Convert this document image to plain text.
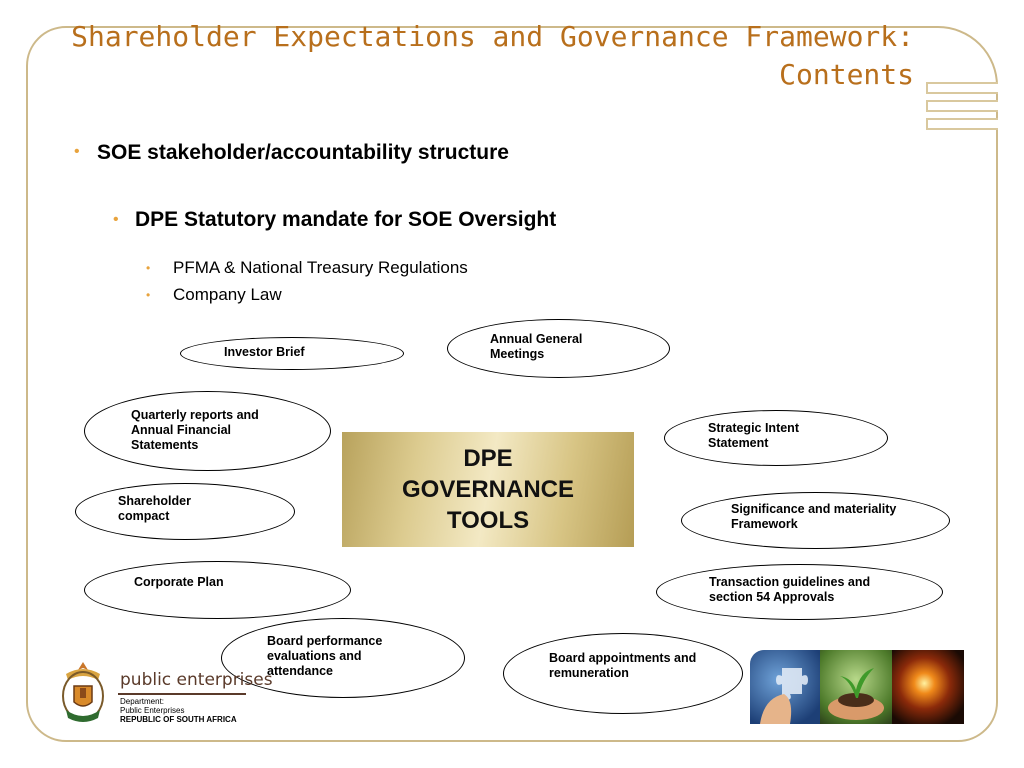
Shareholder Expectations and Governance Framework:
Contents
• SOE stakeholder/accountability structure
• DPE Statutory mandate for SOE Oversight
• PFMA & National Treasury Regulations
• Company Law
Investor Brief
Annual General Meetings
Quarterly reports and Annual Financial Statements
Strategic Intent Statement
Shareholder compact
DPE
GOVERNANCE
TOOLS	Significance and materiality Framework
Corporate Plan	Transaction guidelines and section 54 Approvals
Board performance evaluations and attendance
Board appointments and remuneration
public enterprises
Department:
Public Enterprises
REPUBLIC OF SOUTH AFRICA
